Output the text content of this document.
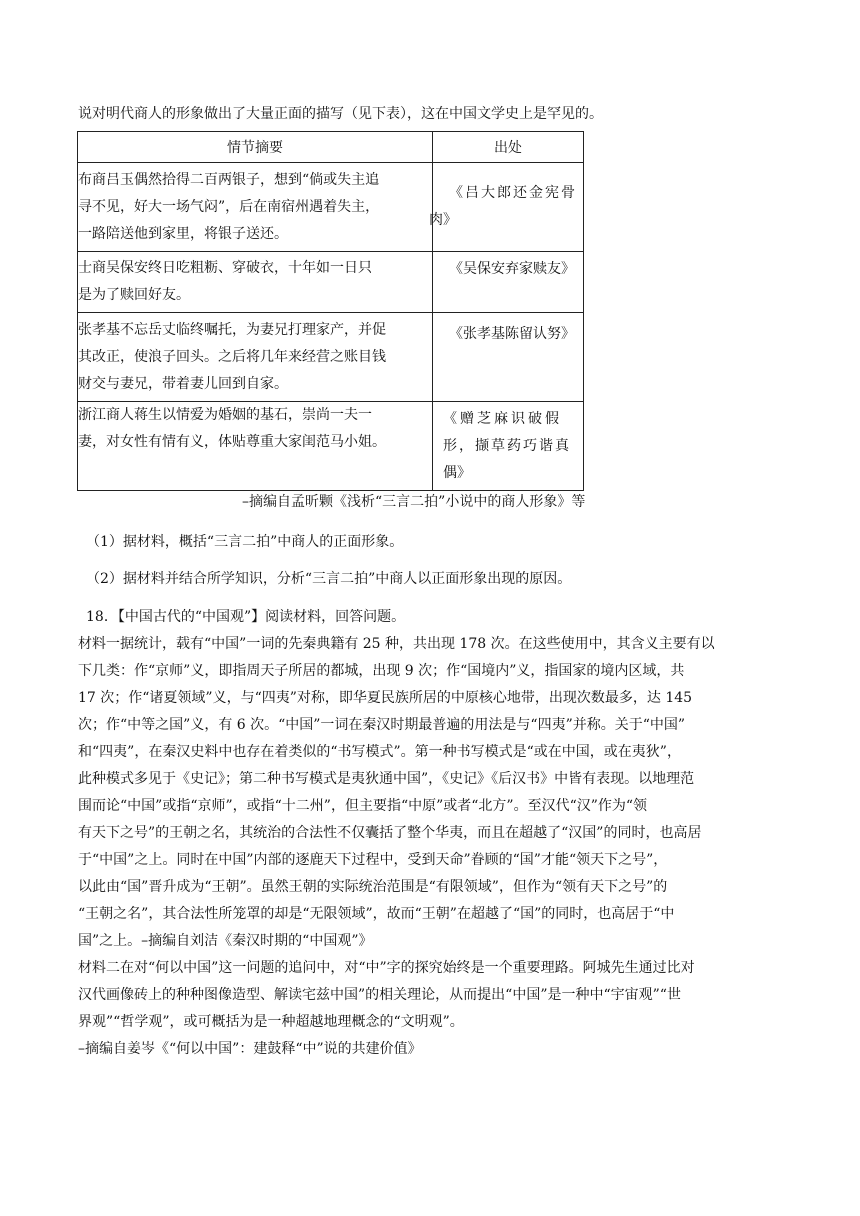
说对明代商人的形象做出了大量正面的描写（见下表），这在中国文学史上是罕见的。
情节摘要	出处

布商吕玉偶然拾得二百两银子，想到“倘或失主追
寻不见，好大一场气闷”，后在南宿州遇着失主，
一路陪送他到家里，将银子送还。	《吕大郎还金宪骨
肉》

士商吴保安终日吃粗粝、穿破衣，十年如一日只
是为了赎回好友。	《吴保安弃家赎友》

张孝基不忘岳丈临终嘱托，为妻兄打理家产，并促
其改正，使浪子回头。之后将几年来经营之账目钱
财交与妻兄，带着妻儿回到自家。	《张孝基陈留认努》

浙江商人蒋生以情爱为婚姻的基石，崇尚一夫一
妻，对女性有情有义，体贴尊重大家闺范马小姐。	《赠芝麻识破假
形，撷草药巧谐真
偶》
–摘编自孟昕颗《浅析“三言二拍”小说中的商人形象》等
（1）据材料，概括“三言二拍”中商人的正面形象。
（2）据材料并结合所学知识，分析“三言二拍”中商人以正面形象出现的原因。
18．【中国古代的“中国观”】阅读材料，回答问题。
材料一据统计，载有“中国”一词的先秦典籍有 25 种，共出现 178 次。在这些使用中，其含义主要有以
下几类：作“京师”义，即指周天子所居的都城，出现 9 次；作“国境内”义，指国家的境内区域，共
17 次；作“诸夏领域”义，与“四夷”对称，即华夏民族所居的中原核心地带，出现次数最多，达 145
次；作“中等之国”义，有 6 次。“中国”一词在秦汉时期最普遍的用法是与“四夷”并称。关于“中国”
和“四夷”，在秦汉史料中也存在着类似的“书写模式”。第一种书写模式是“或在中国，或在夷狄”，
此种模式多见于《史记》；第二种书写模式是夷狄通中国”，《史记》《后汉书》中皆有表现。以地理范
围而论“中国”或指“京师”，或指“十二州”，但主要指“中原”或者“北方”。至汉代“汉”作为“领
有天下之号”的王朝之名，其统治的合法性不仅囊括了整个华夷，而且在超越了“汉国”的同时，也高居
于“中国”之上。同时在中国”内部的逐鹿天下过程中，受到天命”眷顾的“国”才能“领天下之号”，
以此由“国”晋升成为“王朝”。虽然王朝的实际统治范围是“有限领域”，但作为“领有天下之号”的
“王朝之名”，其合法性所笼罩的却是“无限领域”，故而“王朝”在超越了“国”的同时，也高居于“中
国”之上。–摘编自刘洁《秦汉时期的“中国观”》
材料二在对“何以中国”这一问题的追问中，对“中”字的探究始终是一个重要理路。阿城先生通过比对
汉代画像砖上的种种图像造型、解读宅兹中国”的相关理论，从而提出“中国”是一种中“宇宙观”“世
界观”“哲学观”，或可概括为是一种超越地理概念的“文明观”。
–摘编自姜岑《“何以中国”：建鼓释“中”说的共建价值》
